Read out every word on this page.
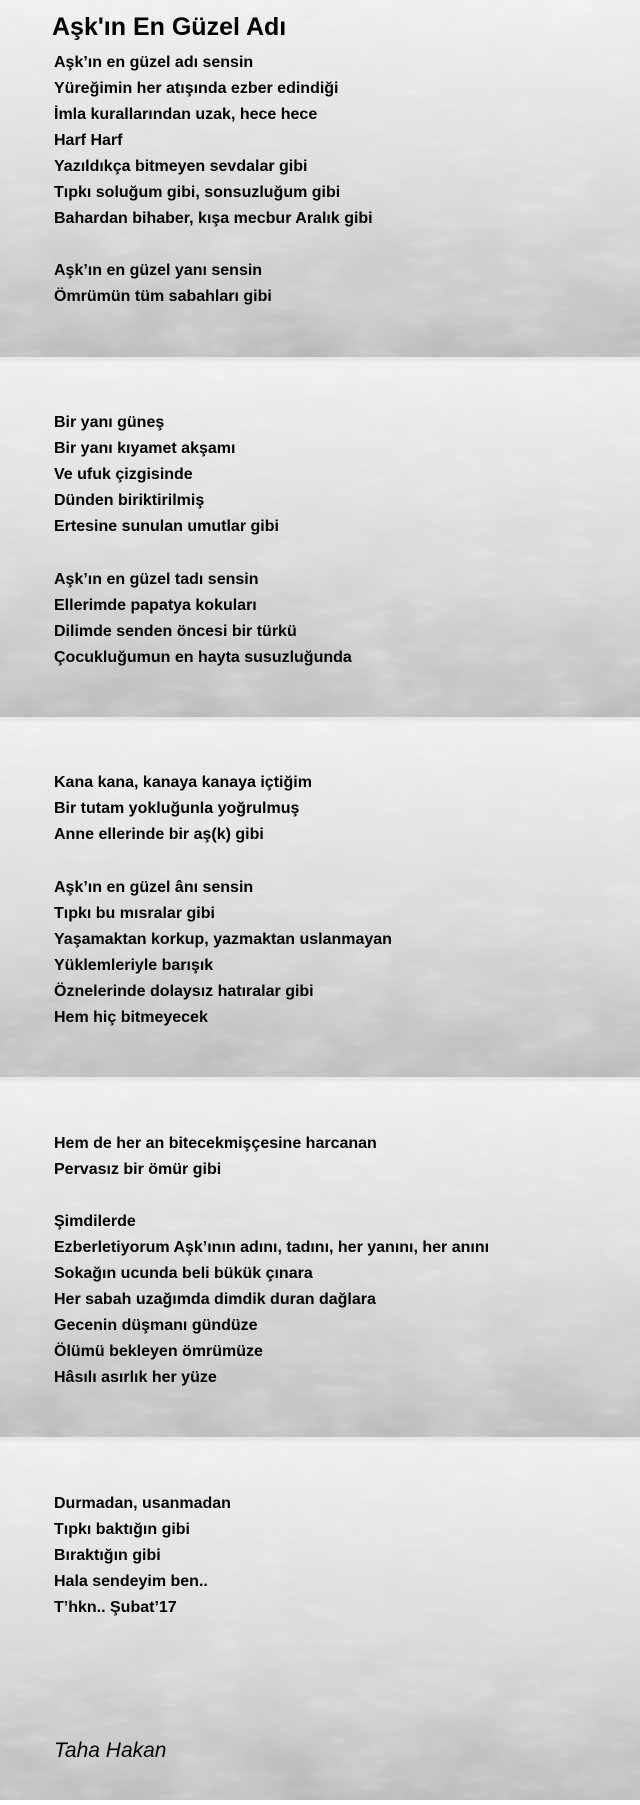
Aşk'ın En Güzel Adı
Aşk’ın en güzel adı sensin
Yüreğimin her atışında ezber edindiği
İmla kurallarından uzak, hece hece
Harf Harf
Yazıldıkça bitmeyen sevdalar gibi
Tıpkı soluğum gibi, sonsuzluğum gibi
Bahardan bihaber, kışa mecbur Aralık gibi
Aşk’ın en güzel yanı sensin
Ömrümün tüm sabahları gibi
Bir yanı güneş
Bir yanı kıyamet akşamı
Ve ufuk çizgisinde
Dünden biriktirilmiş
Ertesine sunulan umutlar gibi
Aşk’ın en güzel tadı sensin
Ellerimde papatya kokuları
Dilimde senden öncesi bir türkü
Çocukluğumun en hayta susuzluğunda
Kana kana, kanaya kanaya içtiğim
Bir tutam yokluğunla yoğrulmuş
Anne ellerinde bir aş(k) gibi
Aşk’ın en güzel ânı sensin
Tıpkı bu mısralar gibi
Yaşamaktan korkup, yazmaktan uslanmayan
Yüklemleriyle barışık
Öznelerinde dolaysız hatıralar gibi
Hem hiç bitmeyecek
Hem de her an bitecekmişçesine harcanan
Pervasız bir ömür gibi
Şimdilerde
Ezberletiyorum Aşk’ının adını, tadını, her yanını, her anını
Sokağın ucunda beli bükük çınara
Her sabah uzağımda dimdik duran dağlara
Gecenin düşmanı gündüze
Ölümü bekleyen ömrümüze
Hâsılı asırlık her yüze
Durmadan, usanmadan
Tıpkı baktığın gibi
Bıraktığın gibi
Hala sendeyim ben..
T’hkn.. Şubat’17

Taha Hakan
